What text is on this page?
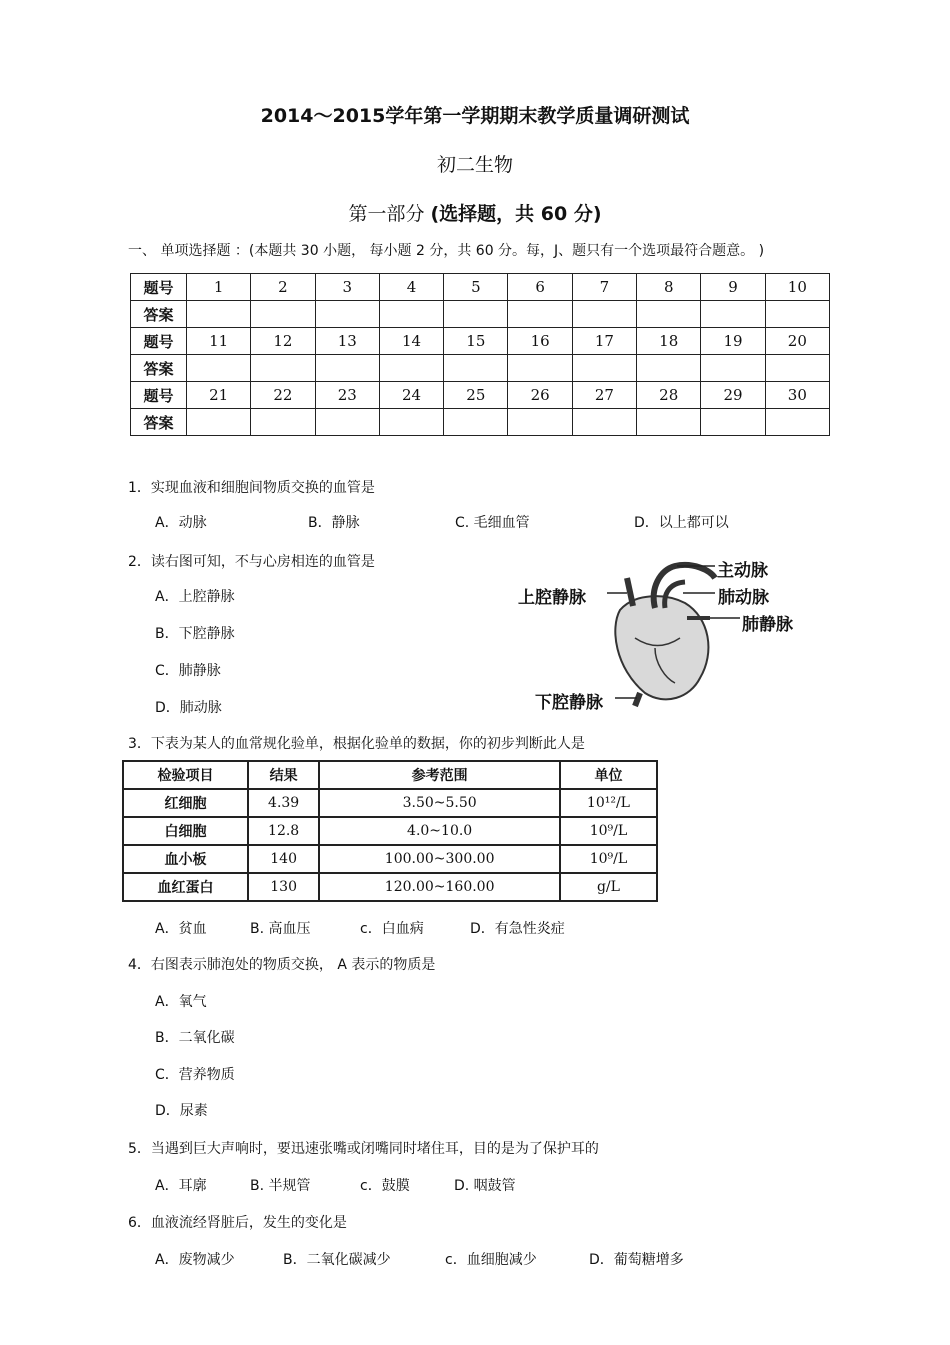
2014～2015学年第一学期期末教学质量调研测试
初二生物
第一部分 (选择题，共 60 分)
一、 单项选择题 ：(本题共 30 小题， 每小题 2 分，共 60 分。每，J、题只有一个选项最符合题意。 )
题号	1	2	3	4	5	6	7	8	9	10
答案										
题号	11	12	13	14	15	16	17	18	19	20
答案										
题号	21	22	23	24	25	26	27	28	29	30
答案										
1．实现血液和细胞间物质交换的血管是
A．动脉	B．静脉	C. 毛细血管	D．以上都可以
2．读右图可知，不与心房相连的血管是
A．上腔静脉
B．下腔静脉
C．肺静脉
D．肺动脉
主动脉
肺动脉
肺静脉
上腔静脉
下腔静脉
3．下表为某人的血常规化验单，根据化验单的数据，你的初步判断此人是
检验项目	结果	参考范围	单位
红细胞	4.39	3.50~5.50	10¹²/L
白细胞	12.8	4.0~10.0	10⁹/L
血小板	140	100.00~300.00	10⁹/L
血红蛋白	130	120.00~160.00	g/L
A．贫血	B. 高血压	c．白血病	D．有急性炎症
4．右图表示肺泡处的物质交换， A 表示的物质是
A．氧气
B．二氧化碳
C．营养物质
D．尿素
5．当遇到巨大声响时，要迅速张嘴或闭嘴同时堵住耳，目的是为了保护耳的
A．耳廓	B. 半规管	c．鼓膜	D. 咽鼓管
6．血液流经肾脏后，发生的变化是
A．废物减少	B．二氧化碳减少	c．血细胞减少	D．葡萄糖增多
